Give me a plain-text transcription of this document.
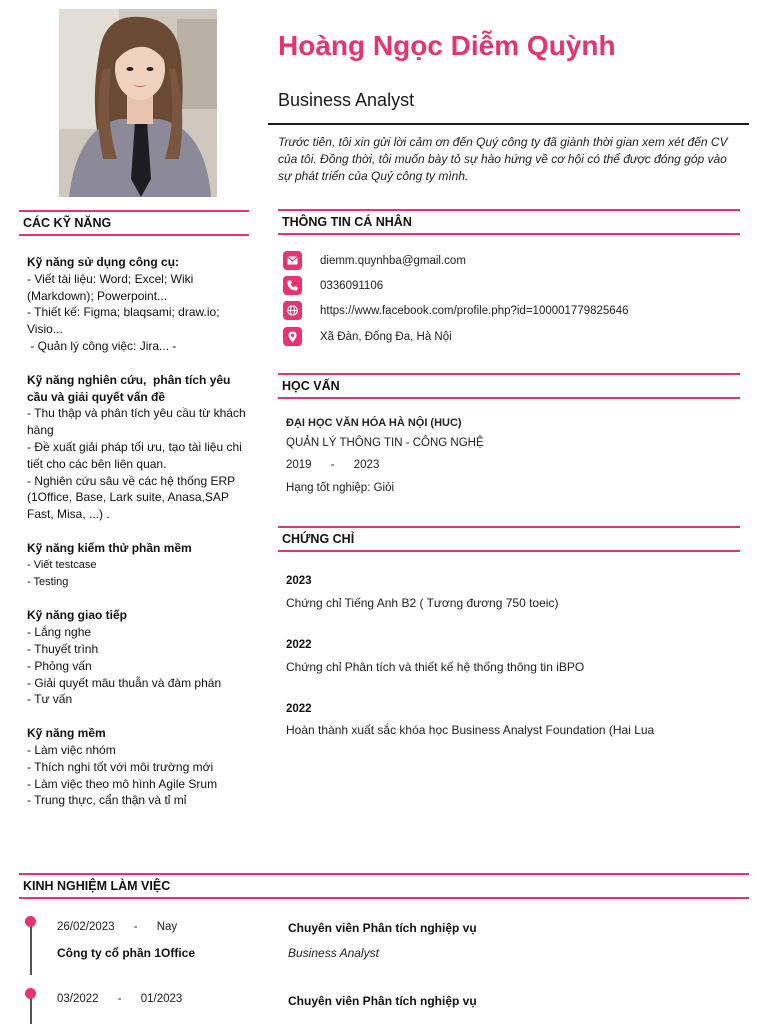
Hoàng Ngọc Diễm Quỳnh
Business Analyst
Trước tiên, tôi xin gửi lời cảm ơn đến Quý công ty đã giành thời gian xem xét đến CV của tôi. Đồng thời, tôi muốn bày tỏ sự hào hứng về cơ hội có thể được đóng góp vào sự phát triển của Quý công ty mình.
CÁC KỸ NĂNG
Kỹ năng sử dụng công cụ:
- Viết tài liệu: Word; Excel; Wiki (Markdown); Powerpoint...
- Thiết kế: Figma; blaqsami; draw.io; Visio...
- Quản lý công việc: Jira... -
Kỹ năng nghiên cứu,  phân tích yêu cầu và giải quyết vấn đề
- Thu thập và phân tích yêu cầu từ khách hàng
- Đề xuất giải pháp tối ưu, tạo tài liệu chi tiết cho các bên liên quan.
- Nghiên cứu sâu về các hệ thống ERP (1Office, Base, Lark suite, Anasa,SAP Fast, Misa, ...) .
Kỹ năng kiểm thử phần mềm
- Viết testcase
- Testing
Kỹ năng giao tiếp
- Lắng nghe
- Thuyết trình
- Phỏng vấn
- Giải quyết mâu thuẫn và đàm phán
- Tư vấn
Kỹ năng mềm
- Làm việc nhóm
- Thích nghi tốt với môi trường mới
- Làm việc theo mô hình Agile Srum
- Trung thực, cẩn thận và tỉ mỉ
THÔNG TIN CÁ NHÂN
diemm.quynhba@gmail.com
0336091106
https://www.facebook.com/profile.php?id=100001779825646
Xã Đàn, Đống Đa, Hà Nội
HỌC VẤN
ĐẠI HỌC VĂN HÓA HÀ NỘI (HUC)
QUẢN LÝ THÔNG TIN - CÔNG NGHỆ
2019      -      2023
Hạng tốt nghiệp: Giỏi
CHỨNG CHỈ
2023
Chứng chỉ Tiếng Anh B2 ( Tương đương 750 toeic)
2022
Chứng chỉ Phân tích và thiết kế hệ thống thông tin iBPO
2022
Hoàn thành xuất sắc khóa học Business Analyst Foundation (Hai Lua
KINH NGHIỆM LÀM VIỆC
26/02/2023      -      Nay
Công ty cổ phần 1Office
Chuyên viên Phân tích nghiệp vụ
Business Analyst
03/2022      -      01/2023	Chuyên viên Phân tích nghiệp vụ
